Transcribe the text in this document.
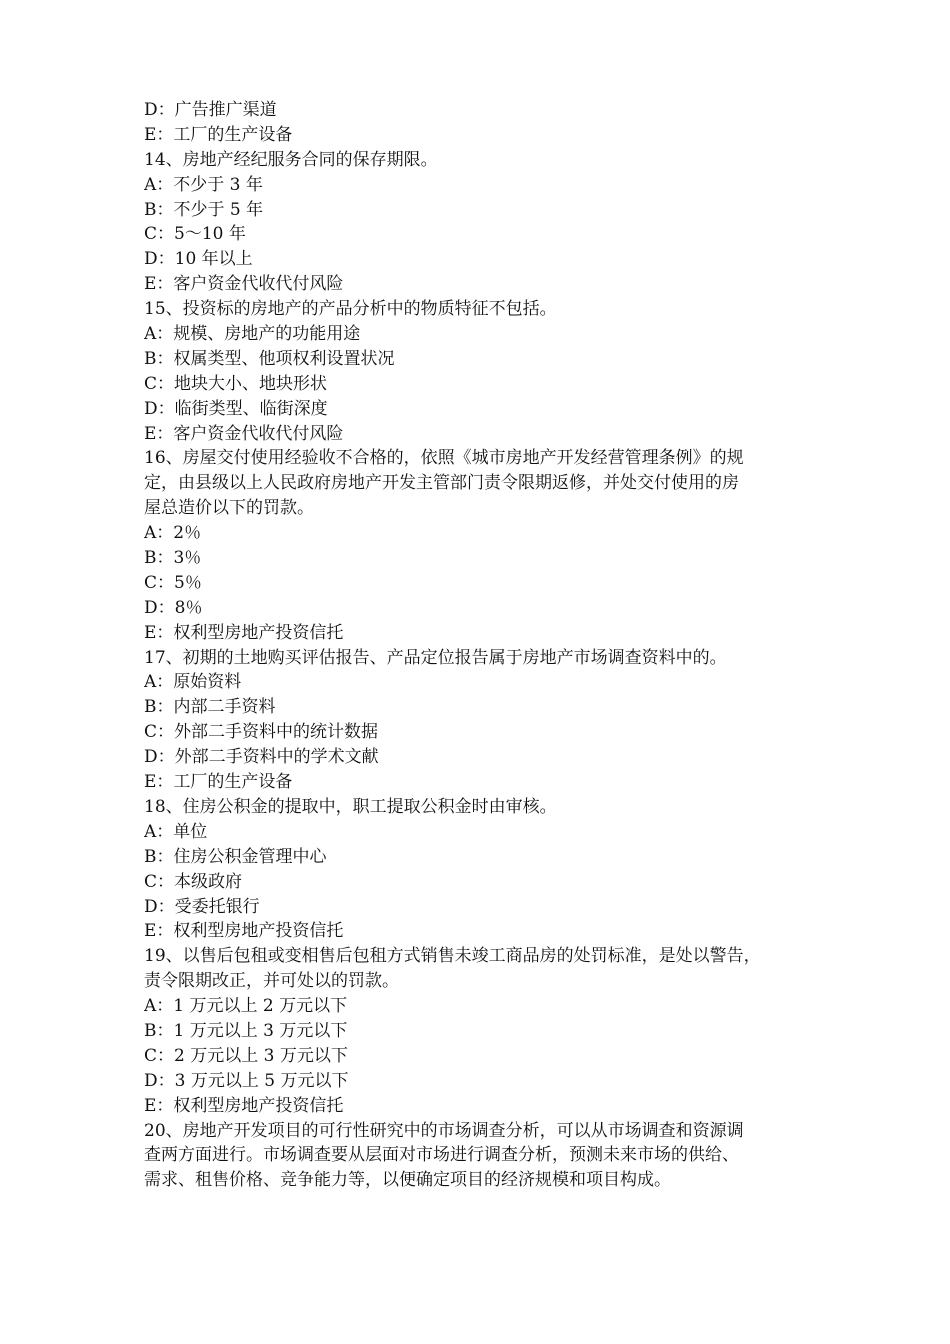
D：广告推广渠道
E：工厂的生产设备
14、房地产经纪服务合同的保存期限。
A：不少于 3 年
B：不少于 5 年
C：5～10 年
D：10 年以上
E：客户资金代收代付风险
15、投资标的房地产的产品分析中的物质特征不包括。
A：规模、房地产的功能用途
B：权属类型、他项权利设置状况
C：地块大小、地块形状
D：临街类型、临街深度
E：客户资金代收代付风险
16、房屋交付使用经验收不合格的，依照《城市房地产开发经营管理条例》的规
定，由县级以上人民政府房地产开发主管部门责令限期返修，并处交付使用的房
屋总造价以下的罚款。
A：2％
B：3％
C：5％
D：8％
E：权利型房地产投资信托
17、初期的土地购买评估报告、产品定位报告属于房地产市场调查资料中的。
A：原始资料
B：内部二手资料
C：外部二手资料中的统计数据
D：外部二手资料中的学术文献
E：工厂的生产设备
18、住房公积金的提取中，职工提取公积金时由审核。
A：单位
B：住房公积金管理中心
C：本级政府
D：受委托银行
E：权利型房地产投资信托
19、以售后包租或变相售后包租方式销售未竣工商品房的处罚标准，是处以警告，
责令限期改正，并可处以的罚款。
A：1 万元以上 2 万元以下
B：1 万元以上 3 万元以下
C：2 万元以上 3 万元以下
D：3 万元以上 5 万元以下
E：权利型房地产投资信托
20、房地产开发项目的可行性研究中的市场调查分析，可以从市场调查和资源调
查两方面进行。市场调查要从层面对市场进行调查分析，预测未来市场的供给、
需求、租售价格、竞争能力等，以便确定项目的经济规模和项目构成。
